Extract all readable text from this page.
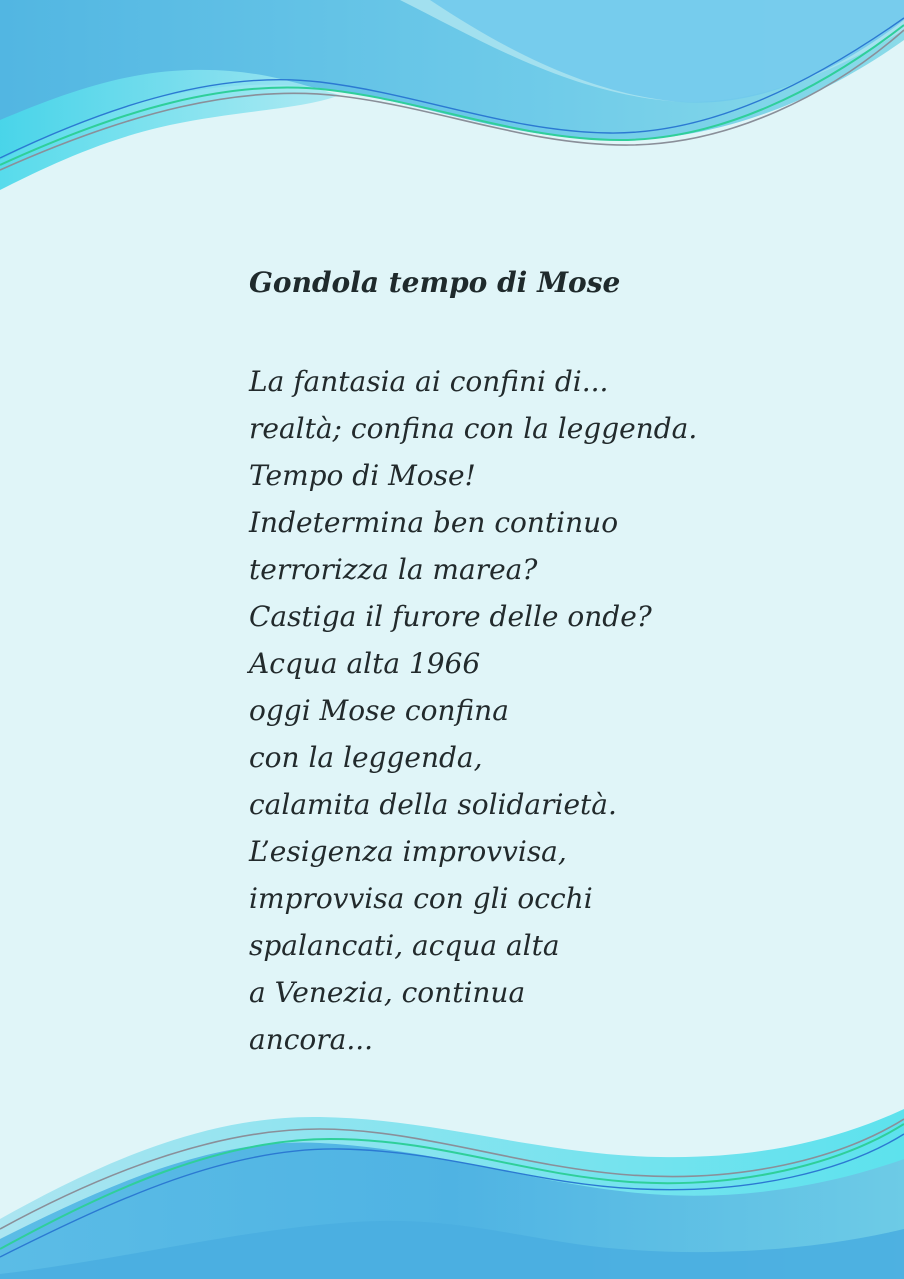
Gondola tempo di Mose
La fantasia ai confini di...
realtà; confina con la leggenda.
Tempo di Mose!
Indetermina ben continuo
terrorizza la marea?
Castiga il furore delle onde?
Acqua alta 1966
oggi Mose confina
con la leggenda,
calamita della solidarietà.
L’esigenza improvvisa,
improvvisa con gli occhi
spalancati, acqua alta
a Venezia, continua
ancora...
